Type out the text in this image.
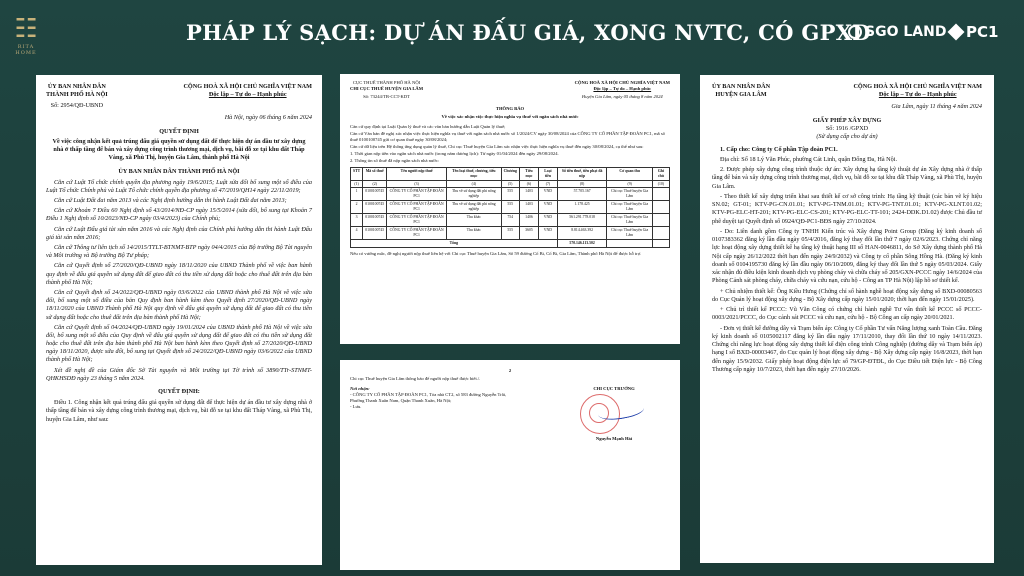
☷
RITA HOME
PHÁP LÝ SẠCH: DỰ ÁN ĐẤU GIÁ, XONG NVTC, CÓ GPXD
SGO LAND PC1
ỦY BAN NHÂN DÂN
THÀNH PHỐ HÀ NỘI
Số: 2954/QĐ-UBND
CỘNG HOÀ XÃ HỘI CHỦ NGHĨA VIỆT NAM
Độc lập – Tự do – Hạnh phúc
Hà Nội, ngày 06 tháng 6 năm 2024
QUYẾT ĐỊNH
Về việc công nhận kết quả trúng đấu giá quyền sử dụng đất để thực hiện dự án đầu tư xây dựng nhà ở thấp tầng để bán và xây dựng công trình thương mại, dịch vụ, bãi đỗ xe tại khu đất Tháp Vàng, xã Phù Thị, huyện Gia Lâm, thành phố Hà Nội
ỦY BAN NHÂN DÂN THÀNH PHỐ HÀ NỘI
Căn cứ Luật Tổ chức chính quyền địa phương ngày 19/6/2015; Luật sửa đổi bổ sung một số điều của Luật Tổ chức Chính phủ và Luật Tổ chức chính quyền địa phương số 47/2019/QH14 ngày 22/11/2019;
Căn cứ Luật Đất đai năm 2013 và các Nghị định hướng dẫn thi hành Luật Đất đai năm 2013;
Căn cứ Khoản 7 Điều 60 Nghị định số 43/2014/NĐ-CP ngày 15/5/2014 (sửa đổi, bổ sung tại Khoản 7 Điều 1 Nghị định số 10/2023/NĐ-CP ngày 03/4/2023) của Chính phủ;
Căn cứ Luật Đấu giá tài sản năm 2016 và các Nghị định của Chính phủ hướng dẫn thi hành Luật Đấu giá tài sản năm 2016;
Căn cứ Thông tư liên tịch số 14/2015/TTLT-BTNMT-BTP ngày 04/4/2015 của Bộ trưởng Bộ Tài nguyên và Môi trường và Bộ trưởng Bộ Tư pháp;
Căn cứ Quyết định số 27/2020/QĐ-UBND ngày 18/11/2020 của UBND Thành phố về việc ban hành quy định về đấu giá quyền sử dụng đất để giao đất có thu tiền sử dụng đất hoặc cho thuê đất trên địa bàn thành phố Hà Nội;
Căn cứ Quyết định số 24/2022/QĐ-UBND ngày 03/6/2022 của UBND thành phố Hà Nội về việc sửa đổi, bổ sung một số điều của bản Quy định ban hành kèm theo Quyết định 27/2020/QĐ-UBND ngày 18/11/2020 của UBND Thành phố Hà Nội quy định về đấu giá quyền sử dụng đất để giao đất có thu tiền sử dụng đất hoặc cho thuê đất trên địa bàn thành phố Hà Nội;
Căn cứ Quyết định số 04/2024/QĐ-UBND ngày 19/01/2024 của UBND thành phố Hà Nội về việc sửa đổi, bổ sung một số điều của Quy định về đấu giá quyền sử dụng đất để giao đất có thu tiền sử dụng đất hoặc cho thuê đất trên địa bàn thành phố Hà Nội ban hành kèm theo Quyết định số 27/2020/QĐ-UBND ngày 18/11/2020, được sửa đổi, bổ sung tại Quyết định số 24/2022/QĐ-UBND ngày 03/6/2022 của UBND thành phố Hà Nội;
Xét đề nghị đề của Giám đốc Sở Tài nguyên và Môi trường tại Tờ trình số 3890/TTr-STNMT-QHKHSDĐ ngày 23 tháng 5 năm 2024.
QUYẾT ĐỊNH:
Điều 1. Công nhận kết quả trúng đấu giá quyền sử dụng đất để thực hiện dự án đầu tư xây dựng nhà ở thấp tầng để bán và xây dựng công trình thương mại, dịch vụ, bãi đỗ xe tại khu đất Tháp Vàng, xã Phù Thị, huyện Gia Lâm, như sau:
CỤC THUẾ THÀNH PHỐ HÀ NỘI
CHI CỤC THUẾ HUYỆN GIA LÂM
Số: 73244/TB-CCT-KDT
CỘNG HOÀ XÃ HỘI CHỦ NGHĨA VIỆT NAM
Độc lập – Tự do – Hạnh phúc
Huyện Gia Lâm, ngày 05 tháng 8 năm 2024
THÔNG BÁO
Về việc xác nhận việc thực hiện nghĩa vụ thuế với ngân sách nhà nước
Căn cứ quy định tại Luật Quản lý thuế và các văn bản hướng dẫn Luật Quản lý thuế;
Căn cứ Văn bản đề nghị xác nhận việc thực hiện nghĩa vụ thuế với ngân sách nhà nước số 1/2024/CV ngày 30/08/2024 của CÔNG TY CỔ PHẦN TẬP ĐOÀN PC1, mã số thuế 0100100745 gửi cơ quan thuế ngày 30/08/2024;
Căn cứ dữ liệu trên Hệ thống ứng dụng quản lý thuế, Chi cục Thuế huyện Gia Lâm xác nhận việc thực hiện nghĩa vụ thuế đến ngày 30/08/2024, cụ thể như sau:
1. Thời gian nộp tiền vào ngân sách nhà nước (trong năm dương lịch): Từ ngày 01/04/2024 đến ngày 29/08/2024.
2. Thông tin số thuế đã nộp ngân sách nhà nước:
STT	Mã số thuế	Tên người nộp thuế	Tên loại thuế, chương, tiểu mục	Chương	Tiểu mục	Loại tiền	Số tiền thuế, tiền phạt đã nộp	Cơ quan thu	Ghi chú
(1)	(2)	(3)	(4)	(5)	(6)	(7)	(8)	(9)	(10)
1	0100100745	CÔNG TY CỔ PHẦN TẬP ĐOÀN PC1	Thu về sử dụng đất phi nông nghiệp	555	1403	VND	57.705.167	Chi cục Thuế huyện Gia Lâm	
2	0100100745	CÔNG TY CỔ PHẦN TẬP ĐOÀN PC1	Thu về sử dụng đất phi nông nghiệp	555	1403	VND	1.178.425	Chi cục Thuế huyện Gia Lâm	
3	0100100745	CÔNG TY CỔ PHẦN TẬP ĐOÀN PC1	Thu khác	754	1406	VND	561.291.778.018	Chi cục Thuế huyện Gia Lâm	
4	0100100745	CÔNG TY CỔ PHẦN TẬP ĐOÀN PC1	Thu khác	555	3605	VND	8.814.463.392	Chi cục Thuế huyện Gia Lâm	
Tổng							570.146.113.502		
Nếu có vướng mắc, đề nghị người nộp thuế liên hệ với Chi cục Thuế huyện Gia Lâm, Số 59 đường Cổ Bi, Cổ Bi, Gia Lâm, Thành phố Hà Nội để được hỗ trợ.
2
Chi cục Thuế huyện Gia Lâm thông báo để người nộp thuế được biết./.
Nơi nhận:
- CÔNG TY CỔ PHẦN TẬP ĐOÀN PC1, Tòa nhà CT2, số 583 đường Nguyễn Trãi,
Phường Thanh Xuân Nam, Quận Thanh Xuân, Hà Nội;
- Lưu.
CHI CỤC TRƯỞNG
Nguyễn Mạnh Hải
ỦY BAN NHÂN DÂN
HUYỆN GIA LÂM
CỘNG HOÀ XÃ HỘI CHỦ NGHĨA VIỆT NAM
Độc lập – Tự do – Hạnh phúc
Gia Lâm, ngày 11 tháng 4 năm 2024
GIẤY PHÉP XÂY DỰNG
Số: 1916 /GPXD
(Sử dụng cấp cho dự án)
1. Cấp cho: Công ty Cổ phần Tập đoàn PC1.
Địa chỉ: Số 18 Lý Văn Phúc, phường Cát Linh, quận Đống Đa, Hà Nội.
2. Được phép xây dựng công trình thuộc dự án: Xây dựng hạ tầng kỹ thuật dự án Xây dựng nhà ở thấp tầng để bán và xây dựng công trình thương mại, dịch vụ, bãi đỗ xe tại khu đất Tháp Vàng, xã Phù Thị, huyện Gia Lâm.
- Theo thiết kế xây dựng triển khai sau thiết kế cơ sở công trình: Hạ tầng kỹ thuật (các bản vẽ ký hiệu SN.02; GT-01; KTV-PG-CN.01.01; KTV-PG-TNM.01.01; KTV-PG-TNT.01.01; KTV-PG-XLNT.01.02; KTV-PG-ELC-HT-201; KTV-PG-ELC-CS-201; KTV-PG-ELC-TT-101; 2424-DDK.D1.02) được Chủ đầu tư phê duyệt tại Quyết định số 0924/QĐ-PC1-BĐS ngày 27/10/2024.
- Do: Liên danh gồm Công ty TNHH Kiến trúc và Xây dựng Point Group (Đăng ký kinh doanh số 0107383362 đăng ký lần đầu ngày 05/4/2016, đăng ký thay đổi lần thứ 7 ngày 02/6/2023. Chứng chỉ năng lực hoạt động xây dựng thiết kế hạ tầng kỹ thuật hạng III số HAN-0046811, do Sở Xây dựng thành phố Hà Nội cấp ngày 26/12/2022 thời hạn đến ngày 24/9/2032) và Công ty cổ phần Sông Hồng Hà. (Đăng ký kinh doanh số 0104195730 đăng ký lần đầu ngày 06/10/2009, đăng ký thay đổi lần thứ 5 ngày 05/03/2024. Giấy xác nhận đủ điều kiện kinh doanh dịch vụ phòng cháy và chữa cháy số 205/GXN-PCCC ngày 14/6/2024 của Phòng Cảnh sát phòng cháy, chữa cháy và cứu nạn, cứu hộ - Công an TP Hà Nội) lập hồ sơ thiết kế.
+ Chủ nhiệm thiết kế: Ông Kiều Hưng (Chứng chỉ số hành nghề hoạt động xây dựng số BXD-00080563 do Cục Quản lý hoạt động xây dựng - Bộ Xây dựng cấp ngày 15/01/2020; thời hạn đến ngày 15/01/2025).
+ Chủ trì thiết kế PCCC: Vũ Văn Công có chứng chỉ hành nghề Tư vấn thiết kế PCCC số PCCC-0003/2021/PCCC, do Cục cảnh sát PCCC và cứu nạn, cứu hộ - Bộ Công an cấp ngày 20/01/2021.
- Đơn vị thiết kế đường dây và Trạm biến áp: Công ty Cổ phần Tư vấn Năng lượng xanh Toàn Cầu. Đăng ký kinh doanh số 0105002117 đăng ký lần đầu ngày 17/11/2010, thay đổi lần thứ 10 ngày 14/11/2023. Chứng chỉ năng lực hoạt động xây dựng thiết kế điện công trình Công nghiệp (đường dây và Trạm biến áp) hạng I số BXD-00003467, do Cục quản lý hoạt động xây dựng - Bộ Xây dựng cấp ngày 16/8/2023, thời hạn đến ngày 15/9/2032. Giấy phép hoạt động điện lực số 79/GP-ĐTĐL, do Cục Điều tiết Điện lực - Bộ Công Thương cấp ngày 10/7/2023, thời hạn đến ngày 27/10/2026.
